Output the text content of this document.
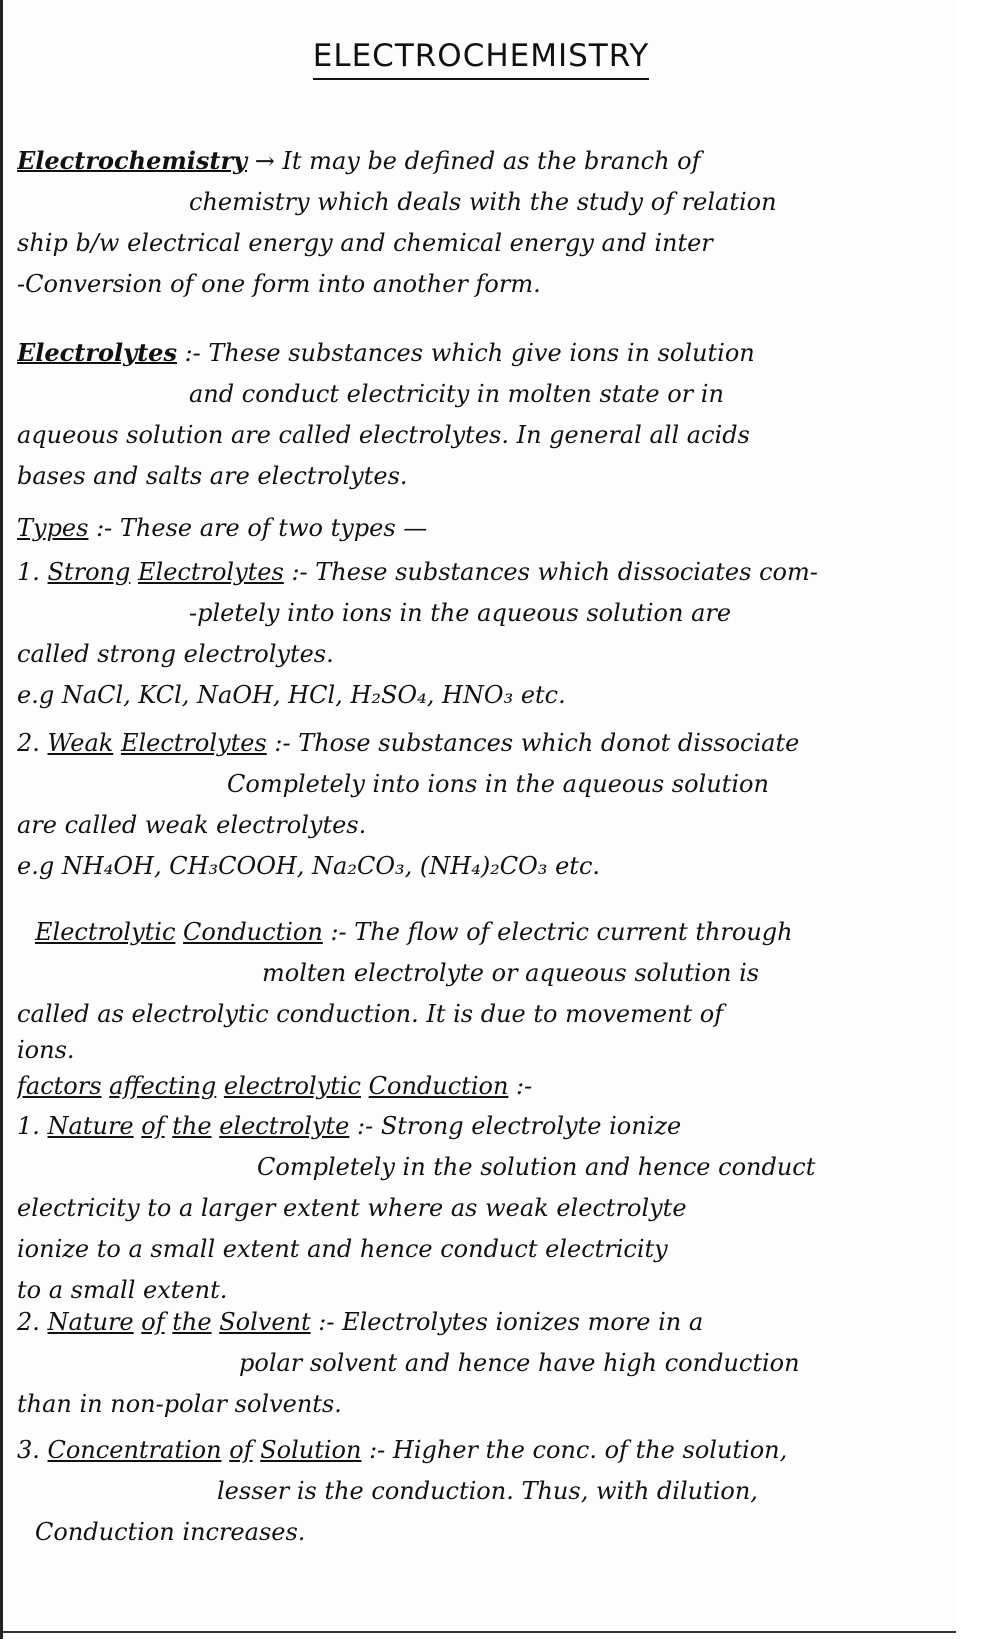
ELECTROCHEMISTRY
Electrochemistry → It may be defined as the branch of
chemistry which deals with the study of relation
ship b/w electrical energy and chemical energy and inter
-Conversion of one form into another form.
Electrolytes :- These substances which give ions in solution
and conduct electricity in molten state or in
aqueous solution are called electrolytes. In general all acids
bases and salts are electrolytes.
Types :- These are of two types —
1. Strong Electrolytes :- These substances which dissociates com-
-pletely into ions in the aqueous solution are
called strong electrolytes.
e.g NaCl, KCl, NaOH, HCl, H₂SO₄, HNO₃ etc.
2. Weak Electrolytes :- Those substances which donot dissociate
Completely into ions in the aqueous solution
are called weak electrolytes.
e.g NH₄OH, CH₃COOH, Na₂CO₃, (NH₄)₂CO₃ etc.
Electrolytic Conduction :- The flow of electric current through
molten electrolyte or aqueous solution is
called as electrolytic conduction. It is due to movement of
ions.
factors affecting electrolytic Conduction :-
1. Nature of the electrolyte :- Strong electrolyte ionize
Completely in the solution and hence conduct
electricity to a larger extent where as weak electrolyte
ionize to a small extent and hence conduct electricity
to a small extent.
2. Nature of the Solvent :- Electrolytes ionizes more in a
polar solvent and hence have high conduction
than in non-polar solvents.
3. Concentration of Solution :- Higher the conc. of the solution,
lesser is the conduction. Thus, with dilution,
Conduction increases.
